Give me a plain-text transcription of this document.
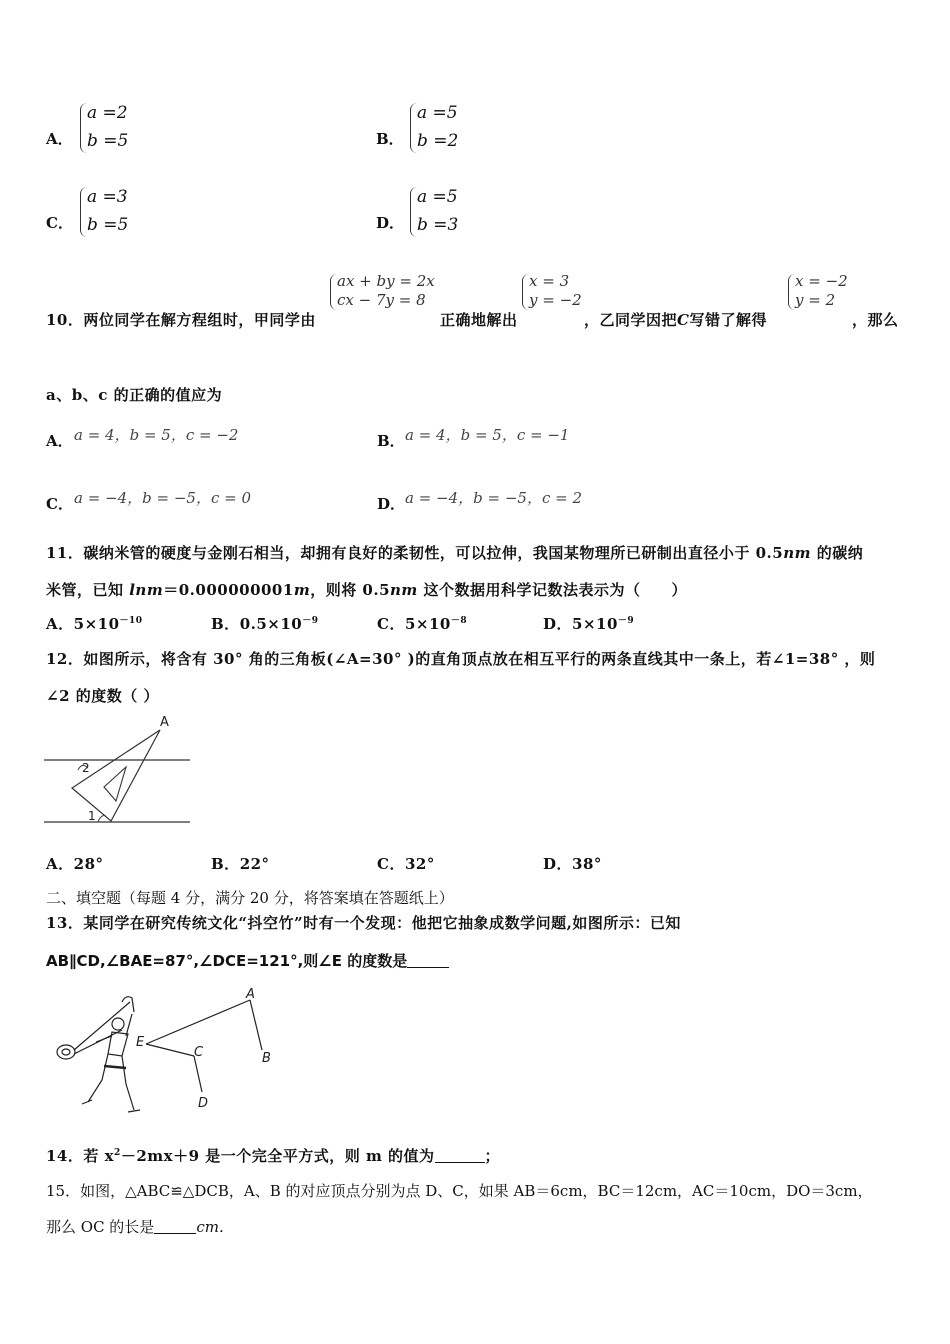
A．
a =2
b =5	B．
a =5
b =2
C．
a =3
b =5	D．
a =5
b =3
10．两位同学在解方程组时，甲同学由
ax + by = 2x
cx − 7y = 8
正确地解出
x = 3
y = −2
，乙同学因把C写错了解得
x = −2
y = 2
，那么
a、b、c 的正确的值应为
A． a = 4，b = 5，c = −2	B． a = 4，b = 5，c = −1
C． a = −4，b = −5，c = 0	D． a = −4，b = −5，c = 2
11．碳纳米管的硬度与金刚石相当，却拥有良好的柔韧性，可以拉伸，我国某物理所已研制出直径小于 0.5nm 的碳纳
米管，已知 lnm＝0.000000001m，则将 0.5nm 这个数据用科学记数法表示为（　　）
A．$5\times 10^{-10}$	B．$0.5\times 10^{-9}$	C．$5\times 10^{-8}$	D．$5\times 10^{-9}$
12．如图所示，将含有 30° 角的三角板(∠A=30° )的直角顶点放在相互平行的两条直线其中一条上，若∠1=38° ，则
∠2 的度数（ ）
A
2
1
A．28°	B．22°	C．32°	D．38°
二、填空题（每题 4 分，满分 20 分，将答案填在答题纸上）
13．某同学在研究传统文化“抖空竹”时有一个发现：他把它抽象成数学问题,如图所示：已知
AB∥CD,∠BAE=87°,∠DCE=121°,则∠E 的度数是
A
B
C
D
E
14．若 $x^2-2mx+9$ 是一个完全平方式，则 m 的值为	；
15．如图，△ABC≌△DCB，A、B 的对应顶点分别为点 D、C，如果 AB＝6cm，BC＝12cm，AC＝10cm，DO＝3cm，
那么 OC 的长是	cm．
